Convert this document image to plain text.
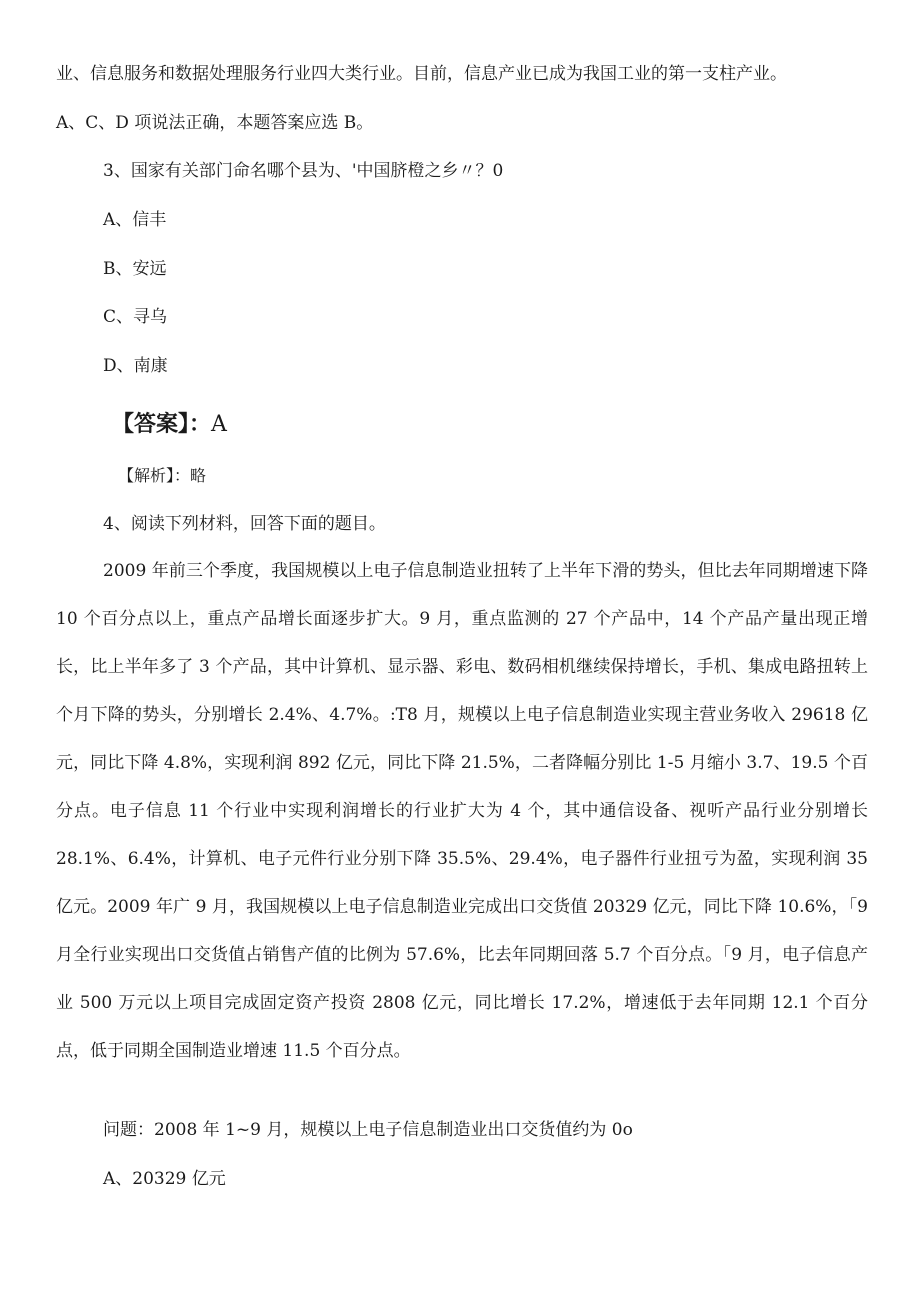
业、信息服务和数据处理服务行业四大类行业。目前，信息产业已成为我国工业的第一支柱产业。
A、C、D 项说法正确，本题答案应选 B。
3、国家有关部门命名哪个县为、'中国脐橙之乡〃？0
A、信丰
B、安远
C、寻乌
D、南康
【答案】：A
【解析】：略
4、阅读下列材料，回答下面的题目。
2009 年前三个季度，我国规模以上电子信息制造业扭转了上半年下滑的势头，但比去年同期增速下降 10 个百分点以上，重点产品增长面逐步扩大。9 月，重点监测的 27 个产品中，14 个产品产量出现正增长，比上半年多了 3 个产品，其中计算机、显示器、彩电、数码相机继续保持增长，手机、集成电路扭转上个月下降的势头，分别增长 2.4%、4.7%。:T8 月，规模以上电子信息制造业实现主营业务收入 29618 亿元，同比下降 4.8%，实现利润 892 亿元，同比下降 21.5%，二者降幅分别比 1-5 月缩小 3.7、19.5 个百分点。电子信息 11 个行业中实现利润增长的行业扩大为 4 个，其中通信设备、视听产品行业分别增长 28.1%、6.4%，计算机、电子元件行业分别下降 35.5%、29.4%，电子器件行业扭亏为盈，实现利润 35 亿元。2009 年广 9 月，我国规模以上电子信息制造业完成出口交货值 20329 亿元，同比下降 10.6%，「9 月全行业实现出口交货值占销售产值的比例为 57.6%，比去年同期回落 5.7 个百分点。「9 月，电子信息产业 500 万元以上项目完成固定资产投资 2808 亿元，同比增长 17.2%，增速低于去年同期 12.1 个百分点，低于同期全国制造业增速 11.5 个百分点。
问题：2008 年 1~9 月，规模以上电子信息制造业出口交货值约为 0o
A、20329 亿元
